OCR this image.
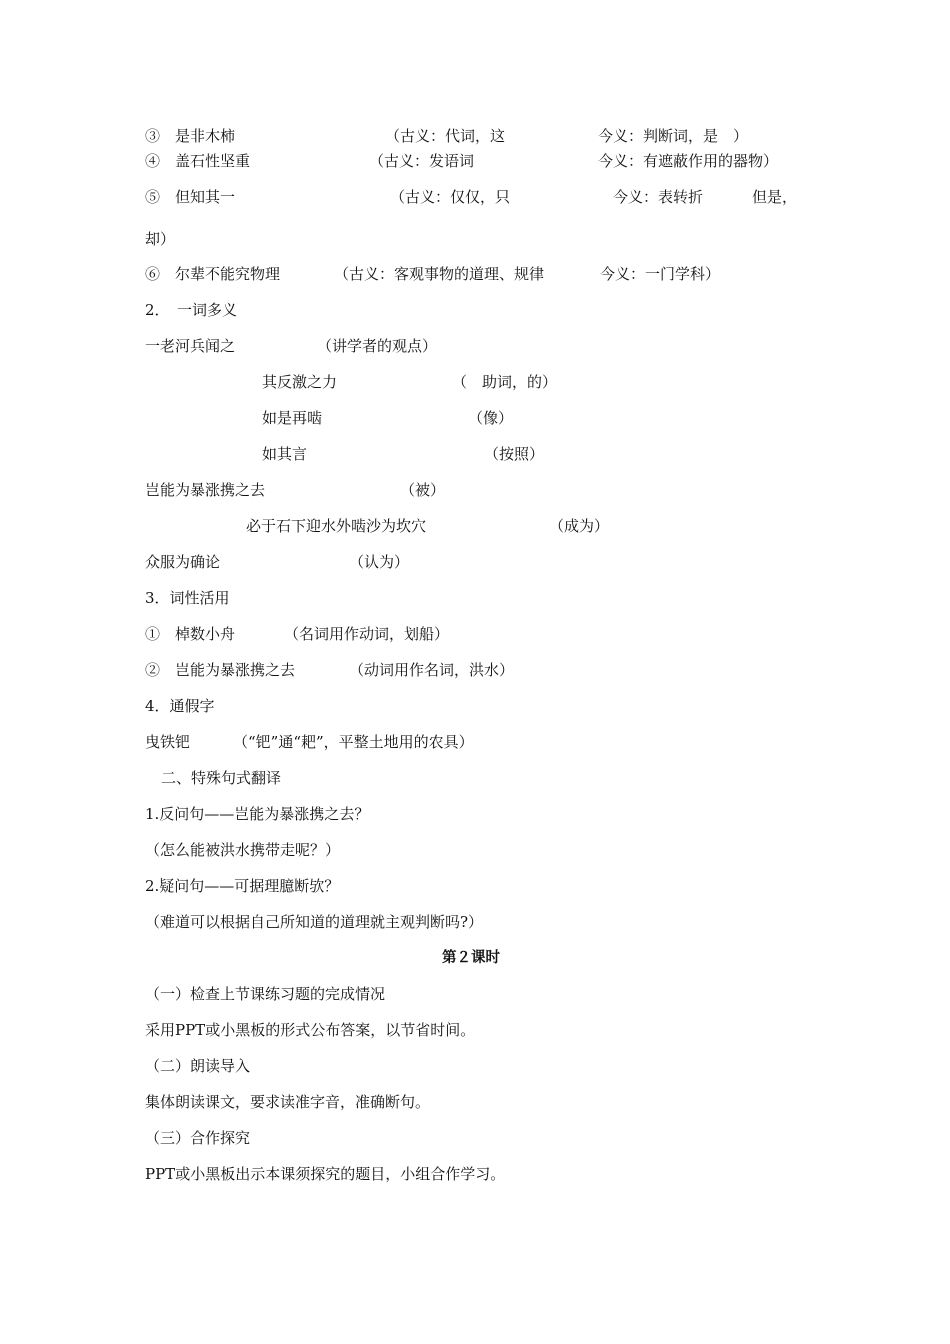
③　是非木柿	（古义：代词，这	今义：判断词，是　）
④　盖石性坚重	（古义：发语词	今义：有遮蔽作用的器物）
⑤　但知其一	（古义：仅仅，只	今义：表转折	但是，
却）
⑥　尔辈不能究物理	（古义：客观事物的道理、规律	今义：一门学科）
2．　一词多义
一老河兵闻之	（讲学者的观点）
其反激之力	（　助词，的）
如是再啮	（像）
如其言	（按照）
岂能为暴涨携之去	（被）
必于石下迎水外啮沙为坎穴	（成为）
众服为确论	（认为）
3．词性活用
①　棹数小舟	（名词用作动词，划船）
②　岂能为暴涨携之去	（动词用作名词，洪水）
4．通假字
曳铁钯	（“钯”通“耙”，平整土地用的农具）
二、特殊句式翻译
1.反问句——岂能为暴涨携之去？
（怎么能被洪水携带走呢？）
2.疑问句——可据理臆断欤？
（难道可以根据自己所知道的道理就主观判断吗?）
第２课时
（一）检查上节课练习题的完成情况
采用PPT或小黑板的形式公布答案，以节省时间。
（二）朗读导入
集体朗读课文，要求读准字音，准确断句。
（三）合作探究
PPT或小黑板出示本课须探究的题目，小组合作学习。
